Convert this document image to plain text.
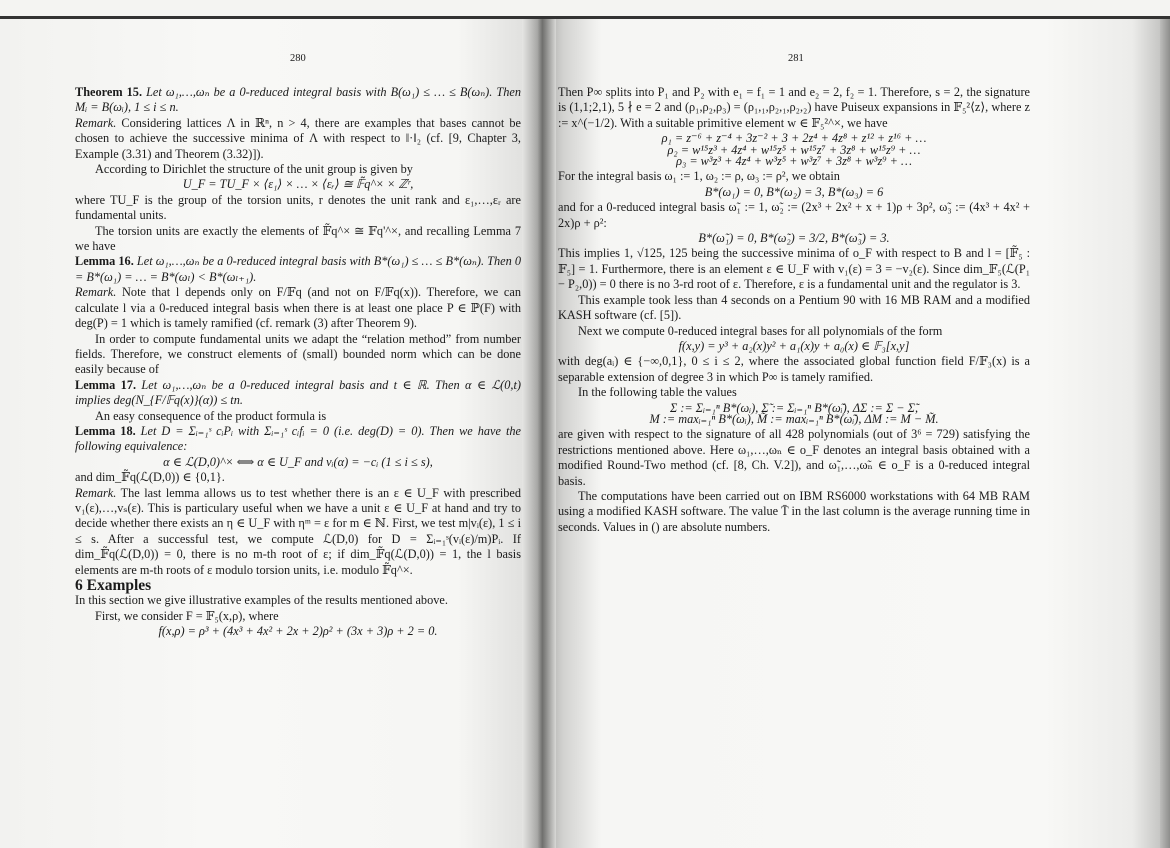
280

Theorem 15. Let ω₁,…,ωₙ be a 0-reduced integral basis with B(ω₁) ≤ … ≤ B(ωₙ). Then Mᵢ = B(ωᵢ), 1 ≤ i ≤ n.

Remark. Considering lattices Λ in ℝⁿ, n > 4, there are examples that bases cannot be chosen to achieve the successive minima of Λ with respect to ‖·‖₂ (cf. [9, Chapter 3, Example (3.31) and Theorem (3.32)]).

According to Dirichlet the structure of the unit group is given by

U_F = TU_F × ⟨ε₁⟩ × … × ⟨εᵣ⟩ ≅ 𝔽̃q^× × ℤʳ,

where TU_F is the group of the torsion units, r denotes the unit rank and ε₁,…,εᵣ are fundamental units.

The torsion units are exactly the elements of 𝔽̃q^× ≅ 𝔽q'^×, and recalling Lemma 7 we have

Lemma 16. Let ω₁,…,ωₙ be a 0-reduced integral basis with B*(ω₁) ≤ … ≤ B*(ωₙ). Then 0 = B*(ω₁) = … = B*(ωₗ) < B*(ωₗ₊₁).

Remark. Note that l depends only on F/𝔽q (and not on F/𝔽q(x)). Therefore, we can calculate l via a 0-reduced integral basis when there is at least one place P ∈ ℙ(F) with deg(P) = 1 which is tamely ramified (cf. remark (3) after Theorem 9).

In order to compute fundamental units we adapt the “relation method” from number fields. Therefore, we construct elements of (small) bounded norm which can be done easily because of

Lemma 17. Let ω₁,…,ωₙ be a 0-reduced integral basis and t ∈ ℝ. Then α ∈ ℒ(0,t) implies deg(N_{F/𝔽q(x)}(α)) ≤ tn.

An easy consequence of the product formula is

Lemma 18. Let D = Σᵢ₌₁ˢ cᵢPᵢ with Σᵢ₌₁ˢ cᵢfᵢ = 0 (i.e. deg(D) = 0). Then we have the following equivalence:

α ∈ ℒ(D,0)^× ⟺ α ∈ U_F and vᵢ(α) = −cᵢ (1 ≤ i ≤ s),

and dim_𝔽̃q(ℒ(D,0)) ∈ {0,1}.

Remark. The last lemma allows us to test whether there is an ε ∈ U_F with prescribed v₁(ε),…,vₛ(ε). This is particulary useful when we have a unit ε ∈ U_F at hand and try to decide whether there exists an η ∈ U_F with ηᵐ = ε for m ∈ ℕ. First, we test m|vᵢ(ε), 1 ≤ i ≤ s. After a successful test, we compute ℒ(D,0) for D = Σᵢ₌₁ˢ(vᵢ(ε)/m)Pᵢ. If dim_𝔽̃q(ℒ(D,0)) = 0, there is no m-th root of ε; if dim_𝔽̃q(ℒ(D,0)) = 1, the l basis elements are m-th roots of ε modulo torsion units, i.e. modulo 𝔽̃q^×.

6 Examples

In this section we give illustrative examples of the results mentioned above.

First, we consider F = 𝔽₅(x,ρ), where

f(x,ρ) = ρ³ + (4x³ + 4x² + 2x + 2)ρ² + (3x + 3)ρ + 2 = 0.

281

Then P∞ splits into P₁ and P₂ with e₁ = f₁ = 1 and e₂ = 2, f₂ = 1. Therefore, s = 2, the signature is (1,1;2,1), 5 ∤ e = 2 and (ρ₁,ρ₂,ρ₃) = (ρ₁,₁,ρ₂,₁,ρ₂,₂) have Puiseux expansions in 𝔽₅²⟨z⟩, where z := x^(−1/2). With a suitable primitive element w ∈ 𝔽₅²^×, we have

ρ₁ = z⁻⁶ + z⁻⁴ + 3z⁻² + 3 + 2z⁴ + 4z⁸ + z¹² + z¹⁶ + …

ρ₂ = w¹⁵z³ + 4z⁴ + w¹⁵z⁵ + w¹⁵z⁷ + 3z⁸ + w¹⁵z⁹ + …

ρ₃ = w³z³ + 4z⁴ + w³z⁵ + w³z⁷ + 3z⁸ + w³z⁹ + …

For the integral basis ω₁ := 1, ω₂ := ρ, ω₃ := ρ², we obtain

B*(ω₁) = 0, B*(ω₂) = 3, B*(ω₃) = 6

and for a 0-reduced integral basis ω̃₁ := 1, ω̃₂ := (2x³ + 2x² + x + 1)ρ + 3ρ², ω̃₃ := (4x³ + 4x² + 2x)ρ + ρ²:

B*(ω̃₁) = 0, B*(ω̃₂) = 3/2, B*(ω̃₃) = 3.

This implies 1, √125, 125 being the successive minima of o_F with respect to B and l = [𝔽̃₅ : 𝔽₅] = 1. Furthermore, there is an element ε ∈ U_F with v₁(ε) = 3 = −v₂(ε). Since dim_𝔽₅(ℒ(P₁ − P₂,0)) = 0 there is no 3-rd root of ε. Therefore, ε is a fundamental unit and the regulator is 3.

This example took less than 4 seconds on a Pentium 90 with 16 MB RAM and a modified KASH software (cf. [5]).

Next we compute 0-reduced integral bases for all polynomials of the form

f(x,y) = y³ + a₂(x)y² + a₁(x)y + a₀(x) ∈ 𝔽₃[x,y]

with deg(aᵢ) ∈ {−∞,0,1}, 0 ≤ i ≤ 2, where the associated global function field F/𝔽₃(x) is a separable extension of degree 3 in which P∞ is tamely ramified.

In the following table the values

Σ := Σᵢ₌₁ⁿ B*(ωᵢ), Σ̃ := Σᵢ₌₁ⁿ B*(ω̃ᵢ), ΔΣ := Σ − Σ̃,

M := maxᵢ₌₁ⁿ B*(ωᵢ), M̃ := maxᵢ₌₁ⁿ B*(ω̃ᵢ), ΔM := M − M̃.

are given with respect to the signature of all 428 polynomials (out of 3⁶ = 729) satisfying the restrictions mentioned above. Here ω₁,…,ωₙ ∈ o_F denotes an integral basis obtained with a modified Round-Two method (cf. [8, Ch. V.2]), and ω̃₁,…,ω̃ₙ ∈ o_F is a 0-reduced integral basis.

The computations have been carried out on IBM RS6000 workstations with 64 MB RAM using a modified KASH software. The value T̄ in the last column is the average running time in seconds. Values in () are absolute numbers.
